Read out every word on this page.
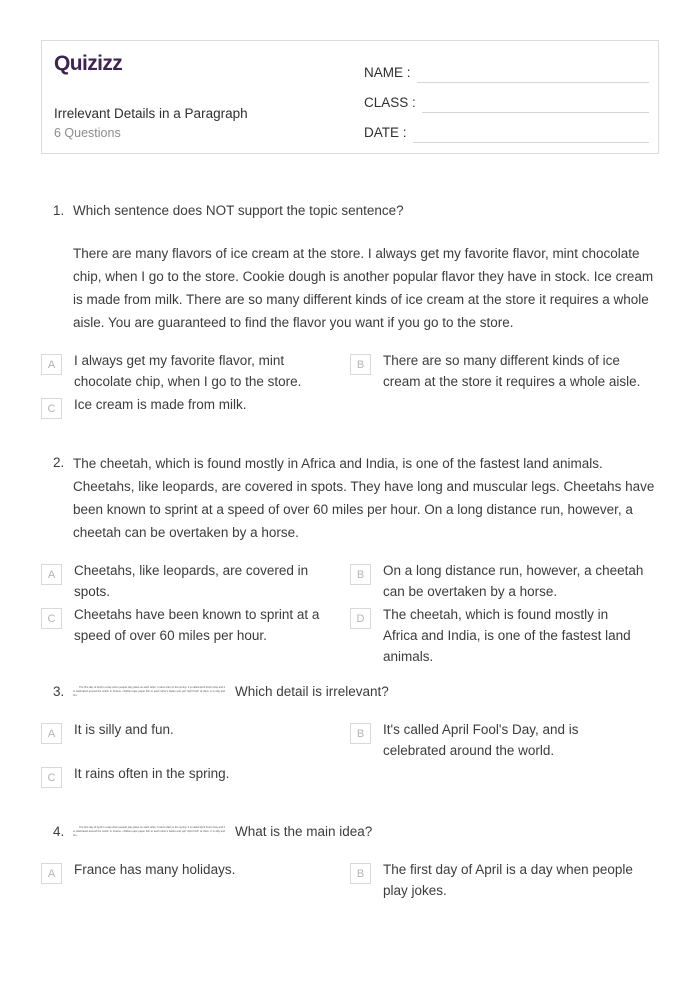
Quizizz
Irrelevant Details in a Paragraph
6 Questions
NAME :
CLASS :
DATE :
1. Which sentence does NOT support the topic sentence?
There are many flavors of ice cream at the store. I always get my favorite flavor, mint chocolate chip, when I go to the store. Cookie dough is another popular flavor they have in stock. Ice cream is made from milk. There are so many different kinds of ice cream at the store it requires a whole aisle. You are guaranteed to find the flavor you want if you go to the store.
A	I always get my favorite flavor, mint chocolate chip, when I go to the store.
B	There are so many different kinds of ice cream at the store it requires a whole aisle.
C	Ice cream is made from milk.
2. The cheetah, which is found mostly in Africa and India, is one of the fastest land animals. Cheetahs, like leopards, are covered in spots. They have long and muscular legs. Cheetahs have been known to sprint at a speed of over 60 miles per hour. On a long distance run, however, a cheetah can be overtaken by a horse.
A	Cheetahs, like leopards, are covered in spots.
B	On a long distance run, however, a cheetah can be overtaken by a horse.
C	Cheetahs have been known to sprint at a speed of over 60 miles per hour.
D	The cheetah, which is found mostly in Africa and India, is one of the fastest land animals.
3.	The first day of April is a day when people play jokes on each other. It rains often in the spring. It is called April Fool's Day and it is celebrated around the world. In France, children tape paper fish to each other's backs and yell "April Fish" at them. It is silly and fun.	Which detail is irrelevant?
A	It is silly and fun.	B	It's called April Fool's Day, and is celebrated around the world.
C	It rains often in the spring.
4.	The first day of April is a day when people play jokes on each other. It rains often in the spring. It is called April Fool's Day and it is celebrated around the world. In France, children tape paper fish to each other's backs and yell "April Fish" at them. It is silly and fun.	What is the main idea?
A	France has many holidays.	B	The first day of April is a day when people play jokes.
